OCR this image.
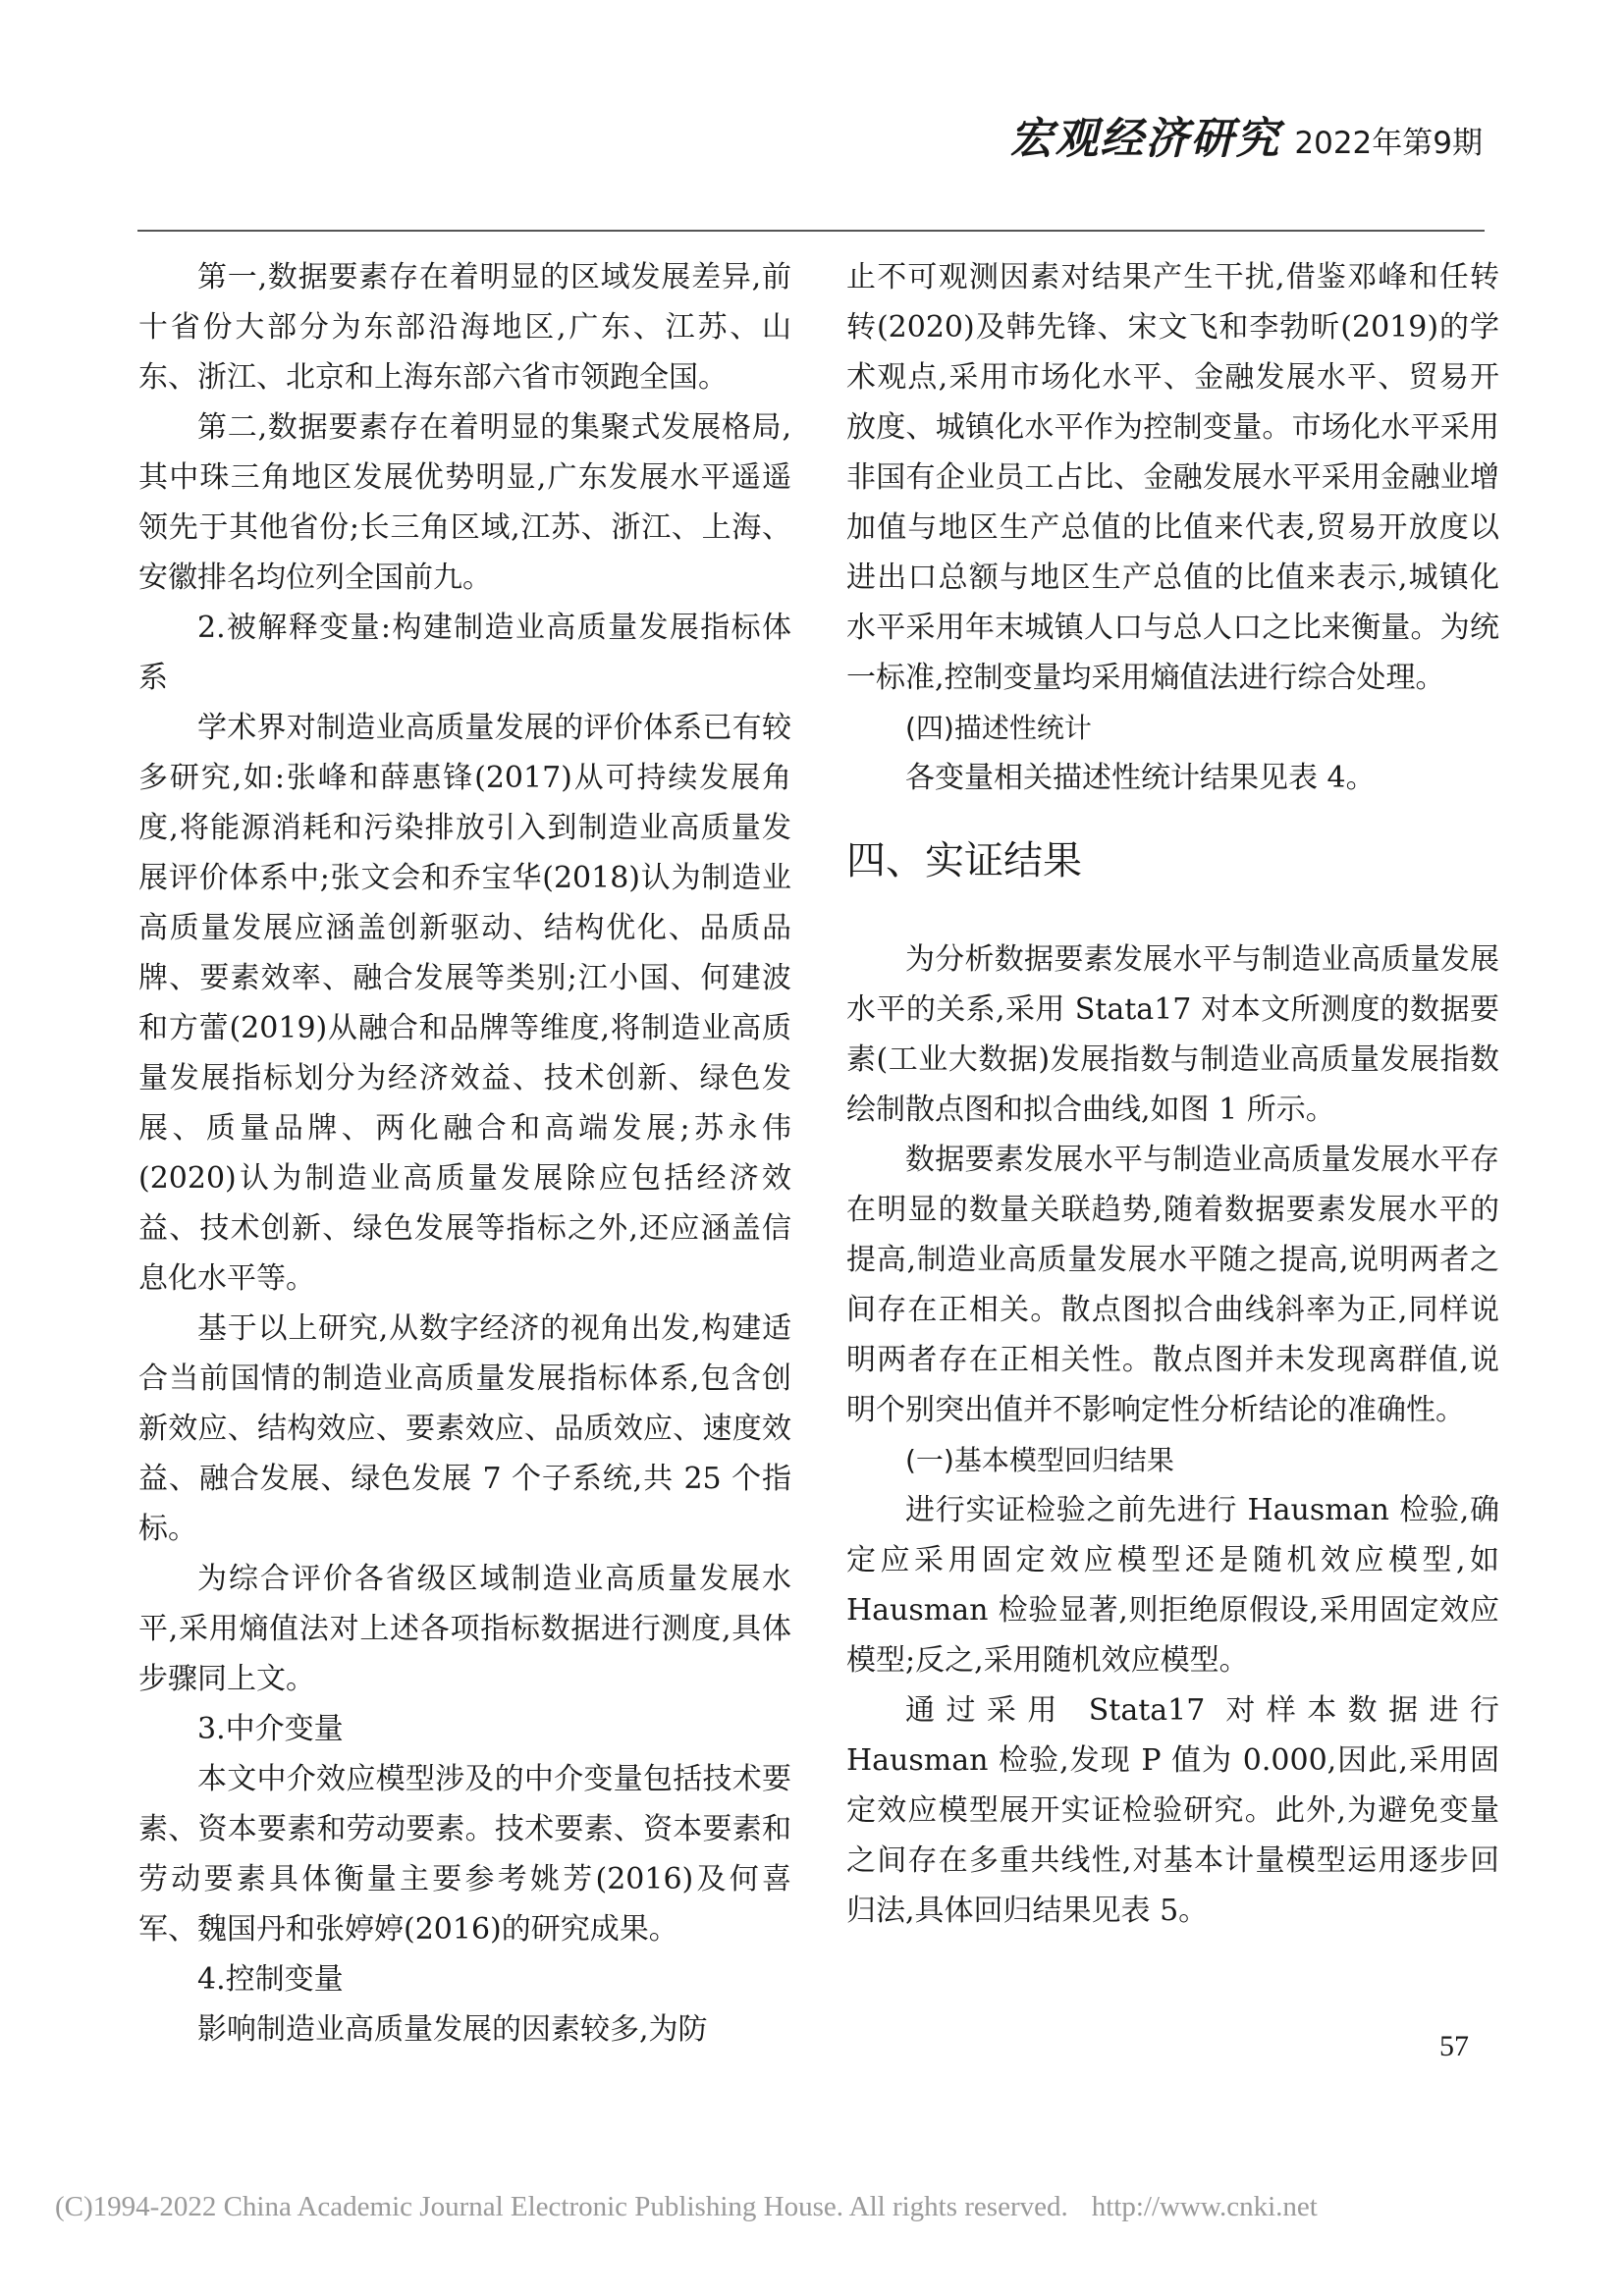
宏观经济研究 2022年第9期

第一,数据要素存在着明显的区域发展差异,前十省份大部分为东部沿海地区,广东、江苏、山东、浙江、北京和上海东部六省市领跑全国。

第二,数据要素存在着明显的集聚式发展格局,其中珠三角地区发展优势明显,广东发展水平遥遥领先于其他省份;长三角区域,江苏、浙江、上海、安徽排名均位列全国前九。

2.被解释变量:构建制造业高质量发展指标体系

学术界对制造业高质量发展的评价体系已有较多研究,如:张峰和薛惠锋(2017)从可持续发展角度,将能源消耗和污染排放引入到制造业高质量发展评价体系中;张文会和乔宝华(2018)认为制造业高质量发展应涵盖创新驱动、结构优化、品质品牌、要素效率、融合发展等类别;江小国、何建波和方蕾(2019)从融合和品牌等维度,将制造业高质量发展指标划分为经济效益、技术创新、绿色发展、质量品牌、两化融合和高端发展;苏永伟(2020)认为制造业高质量发展除应包括经济效益、技术创新、绿色发展等指标之外,还应涵盖信息化水平等。

基于以上研究,从数字经济的视角出发,构建适合当前国情的制造业高质量发展指标体系,包含创新效应、结构效应、要素效应、品质效应、速度效益、融合发展、绿色发展 7 个子系统,共 25 个指标。

为综合评价各省级区域制造业高质量发展水平,采用熵值法对上述各项指标数据进行测度,具体步骤同上文。

3.中介变量

本文中介效应模型涉及的中介变量包括技术要素、资本要素和劳动要素。技术要素、资本要素和劳动要素具体衡量主要参考姚芳(2016)及何喜军、魏国丹和张婷婷(2016)的研究成果。

4.控制变量

影响制造业高质量发展的因素较多,为防

止不可观测因素对结果产生干扰,借鉴邓峰和任转转(2020)及韩先锋、宋文飞和李勃昕(2019)的学术观点,采用市场化水平、金融发展水平、贸易开放度、城镇化水平作为控制变量。市场化水平采用非国有企业员工占比、金融发展水平采用金融业增加值与地区生产总值的比值来代表,贸易开放度以进出口总额与地区生产总值的比值来表示,城镇化水平采用年末城镇人口与总人口之比来衡量。为统一标准,控制变量均采用熵值法进行综合处理。

(四)描述性统计

各变量相关描述性统计结果见表 4。

四、实证结果

为分析数据要素发展水平与制造业高质量发展水平的关系,采用 Stata17 对本文所测度的数据要素(工业大数据)发展指数与制造业高质量发展指数绘制散点图和拟合曲线,如图 1 所示。

数据要素发展水平与制造业高质量发展水平存在明显的数量关联趋势,随着数据要素发展水平的提高,制造业高质量发展水平随之提高,说明两者之间存在正相关。散点图拟合曲线斜率为正,同样说明两者存在正相关性。散点图并未发现离群值,说明个别突出值并不影响定性分析结论的准确性。

(一)基本模型回归结果

进行实证检验之前先进行 Hausman 检验,确定应采用固定效应模型还是随机效应模型,如 Hausman 检验显著,则拒绝原假设,采用固定效应模型;反之,采用随机效应模型。

通过采用 Stata17 对样本数据进行 Hausman 检验,发现 P 值为 0.000,因此,采用固定效应模型展开实证检验研究。此外,为避免变量之间存在多重共线性,对基本计量模型运用逐步回归法,具体回归结果见表 5。

57
(C)1994-2022 China Academic Journal Electronic Publishing House. All rights reserved. http://www.cnki.net
